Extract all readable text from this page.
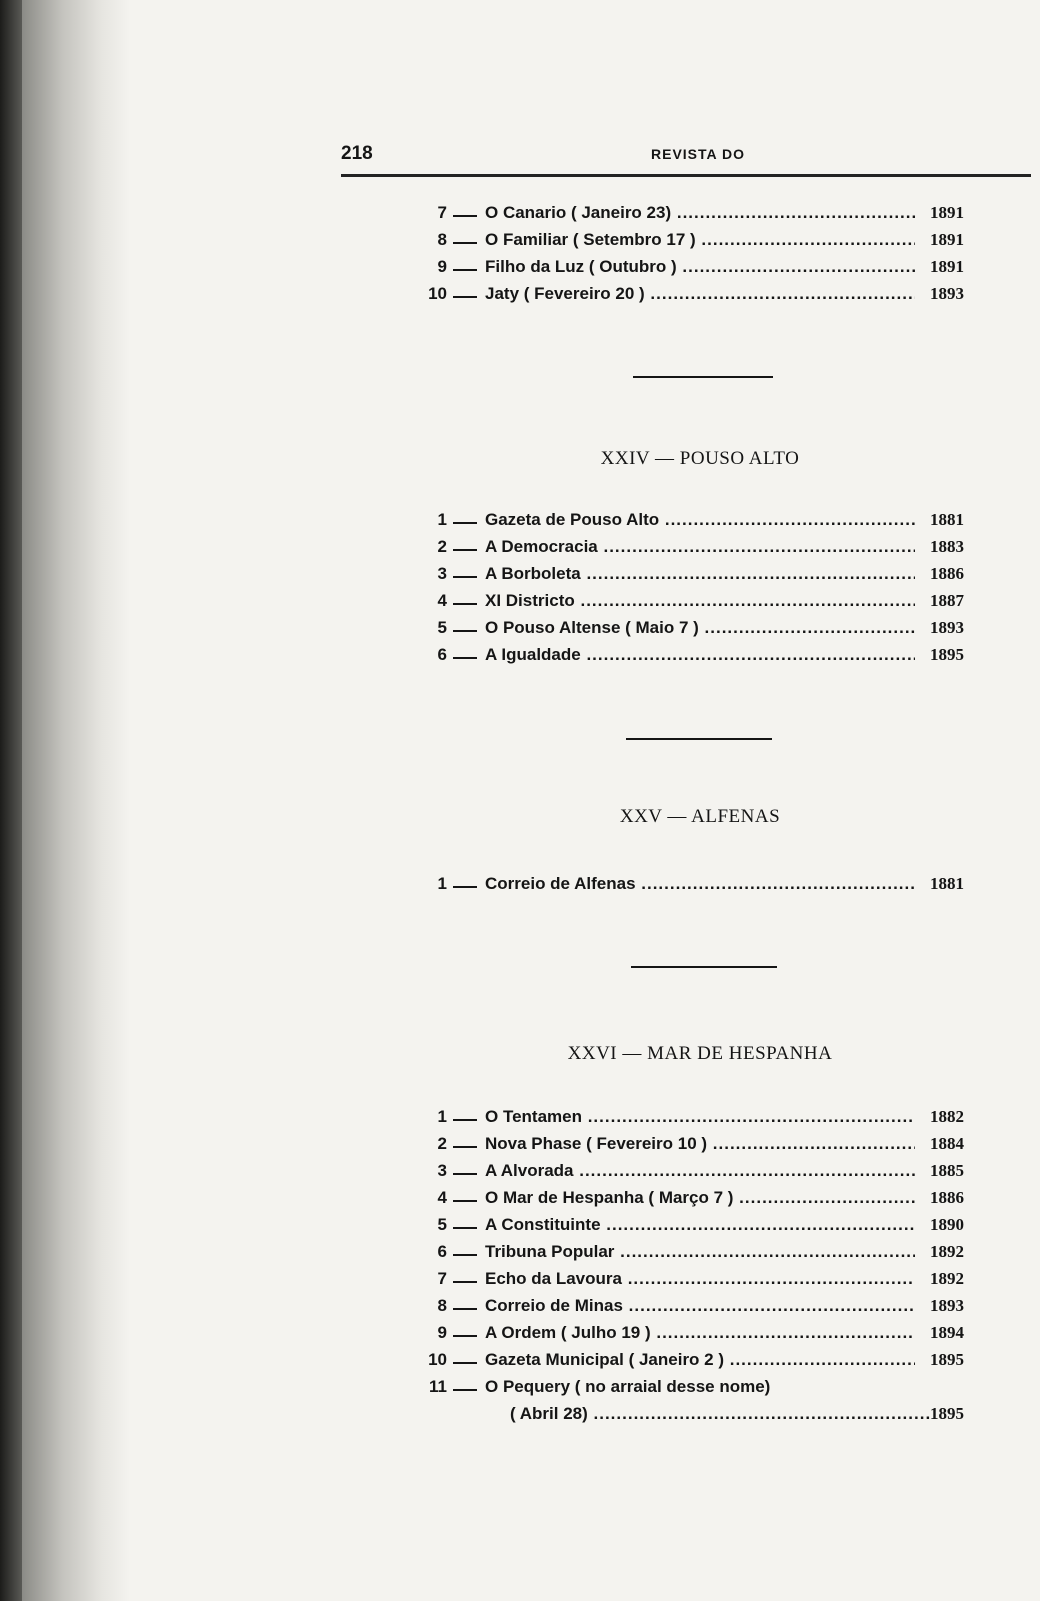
218	REVISTA DO
7 O Canario ( Janeiro 23) .....	1891
8 O Familiar ( Setembro 17 ) .....	1891
9 Filho da Luz ( Outubro ) .....	1891
10 Jaty ( Fevereiro 20 ) .....	1893
XXIV — POUSO ALTO
1 Gazeta de Pouso Alto .....	1881
2 A Democracia .....	1883
3 A Borboleta .....	1886
4 XI Districto .....	1887
5 O Pouso Altense ( Maio 7 ) .....	1893
6 A Igualdade .....	1895
XXV — ALFENAS
1 Correio de Alfenas .....	1881
XXVI — MAR DE HESPANHA
1 O Tentamen .....	1882
2 Nova Phase ( Fevereiro 10 ) .....	1884
3 A Alvorada .....	1885
4 O Mar de Hespanha ( Março 7 ) .....	1886
5 A Constituinte .....	1890
6 Tribuna Popular .....	1892
7 Echo da Lavoura .....	1892
8 Correio de Minas .....	1893
9 A Ordem ( Julho 19 ) .....	1894
10 Gazeta Municipal ( Janeiro 2 ) .....	1895
11 O Pequery ( no arraial desse nome)
( Abril 28) .....	1895
